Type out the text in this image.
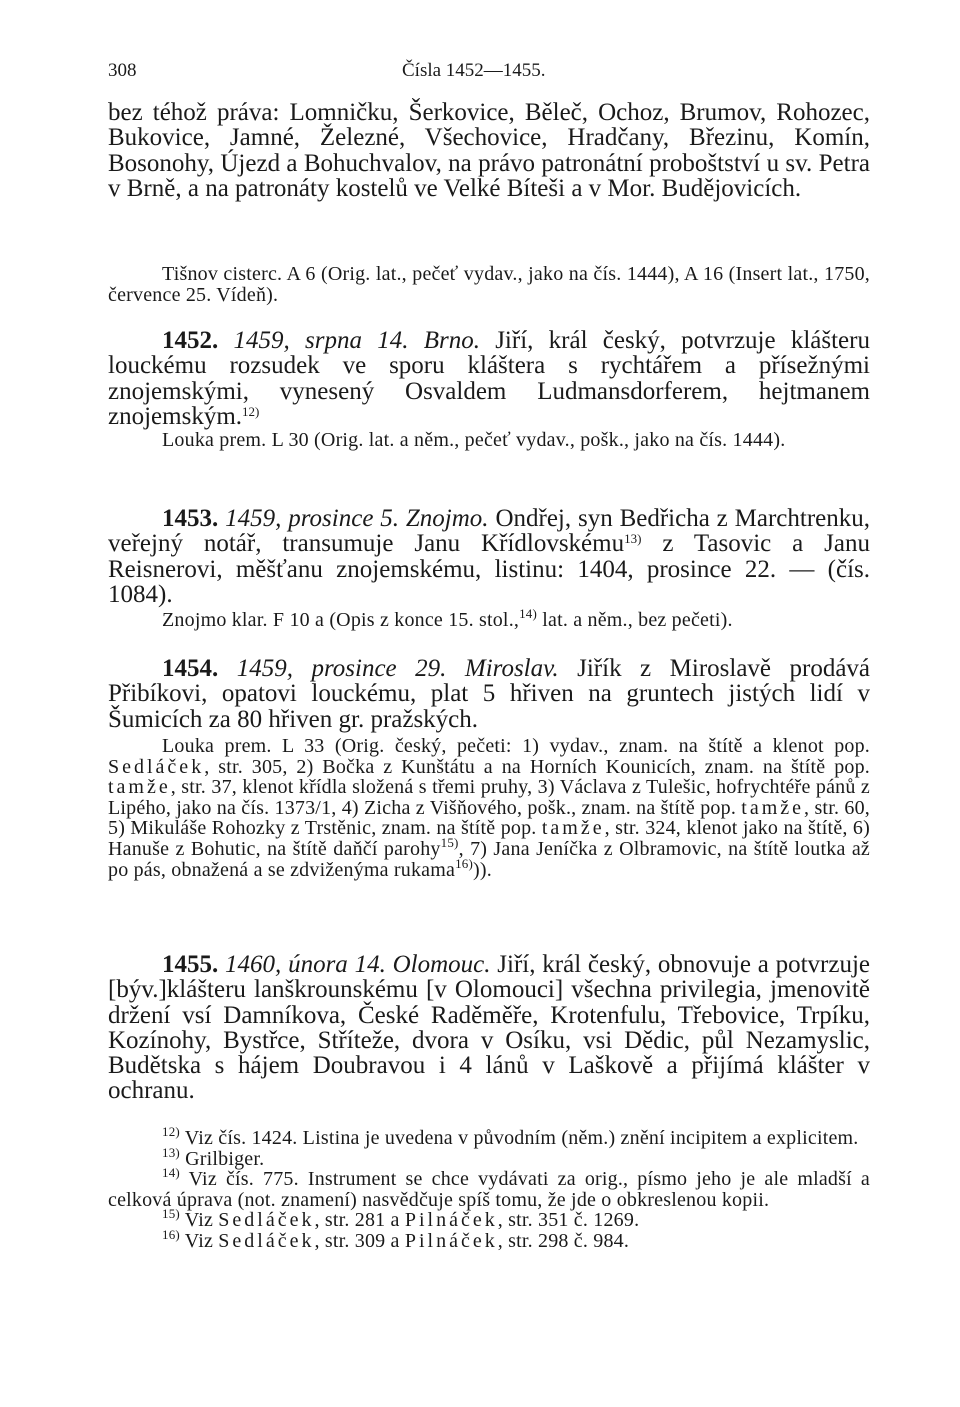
308	Čísla 1452—1455.

bez téhož práva: Lomničku, Šerkovice, Běleč, Ochoz, Brumov, Rohozec, Bukovice, Jamné, Železné, Všechovice, Hradčany, Březinu, Komín, Bosonohy, Újezd a Bohuchvalov, na právo patronátní proboštství u sv. Petra v Brně, a na patronáty kostelů ve Velké Bíteši a v Mor. Budějovicích.

Tišnov cisterc. A 6 (Orig. lat., pečeť vydav., jako na čís. 1444), A 16 (Insert lat., 1750, července 25. Vídeň).

1452. 1459, srpna 14. Brno. Jiří, král český, potvrzuje klášteru louckému rozsudek ve sporu kláštera s rychtářem a přísežnými znojemskými, vynesený Osvaldem Ludmansdorferem, hejtmanem znojemským.$^{12)}$

Louka prem. L 30 (Orig. lat. a něm., pečeť vydav., pošk., jako na čís. 1444).

1453. 1459, prosince 5. Znojmo. Ondřej, syn Bedřicha z Marchtrenku, veřejný notář, transumuje Janu Křídlovskému$^{13)}$ z Tasovic a Janu Reisnerovi, měšťanu znojemskému, listinu: 1404, prosince 22. — (čís. 1084).

Znojmo klar. F 10 a (Opis z konce 15. stol.,$^{14)}$ lat. a něm., bez pečeti).

1454. 1459, prosince 29. Miroslav. Jiřík z Miroslavě prodává Přibíkovi, opatovi louckému, plat 5 hřiven na gruntech jistých lidí v Šumicích za 80 hřiven gr. pražských.

Louka prem. L 33 (Orig. český, pečeti: 1) vydav., znam. na štítě a klenot pop. Sedláček, str. 305, 2) Bočka z Kunštátu a na Horních Kounicích, znam. na štítě pop. tamže, str. 37, klenot křídla složená s třemi pruhy, 3) Václava z Tulešic, hofrychtéře pánů z Lipého, jako na čís. 1373/1, 4) Zicha z Višňového, pošk., znam. na štítě pop. tamže, str. 60, 5) Mikuláše Rohozky z Trstěnic, znam. na štítě pop. tamže, str. 324, klenot jako na štítě, 6) Hanuše z Bohutic, na štítě daňčí parohy$^{15)}$, 7) Jana Jeníčka z Olbramovic, na štítě loutka až po pás, obnažená a se zdviženýma rukama$^{16)}$)).

1455. 1460, února 14. Olomouc. Jiří, král český, obnovuje a potvrzuje [býv.]klášteru lanškrounskému [v Olomouci] všechna privilegia, jmenovitě držení vsí Damníkova, České Raděměře, Krotenfulu, Třebovice, Trpíku, Kozínohy, Bystřce, Stříteže, dvora v Osíku, vsi Dědic, půl Nezamyslic, Budětska s hájem Doubravou i 4 lánů v Laškově a přijímá klášter v ochranu.

$^{12)}$ Viz čís. 1424. Listina je uvedena v původním (něm.) znění incipitem a explicitem.

$^{13)}$ Grilbiger.

$^{14)}$ Viz čís. 775. Instrument se chce vydávati za orig., písmo jeho je ale mladší a celková úprava (not. znamení) nasvědčuje spíš tomu, že jde o obkreslenou kopii.

$^{15)}$ Viz Sedláček, str. 281 a Pilnáček, str. 351 č. 1269.

$^{16)}$ Viz Sedláček, str. 309 a Pilnáček, str. 298 č. 984.
